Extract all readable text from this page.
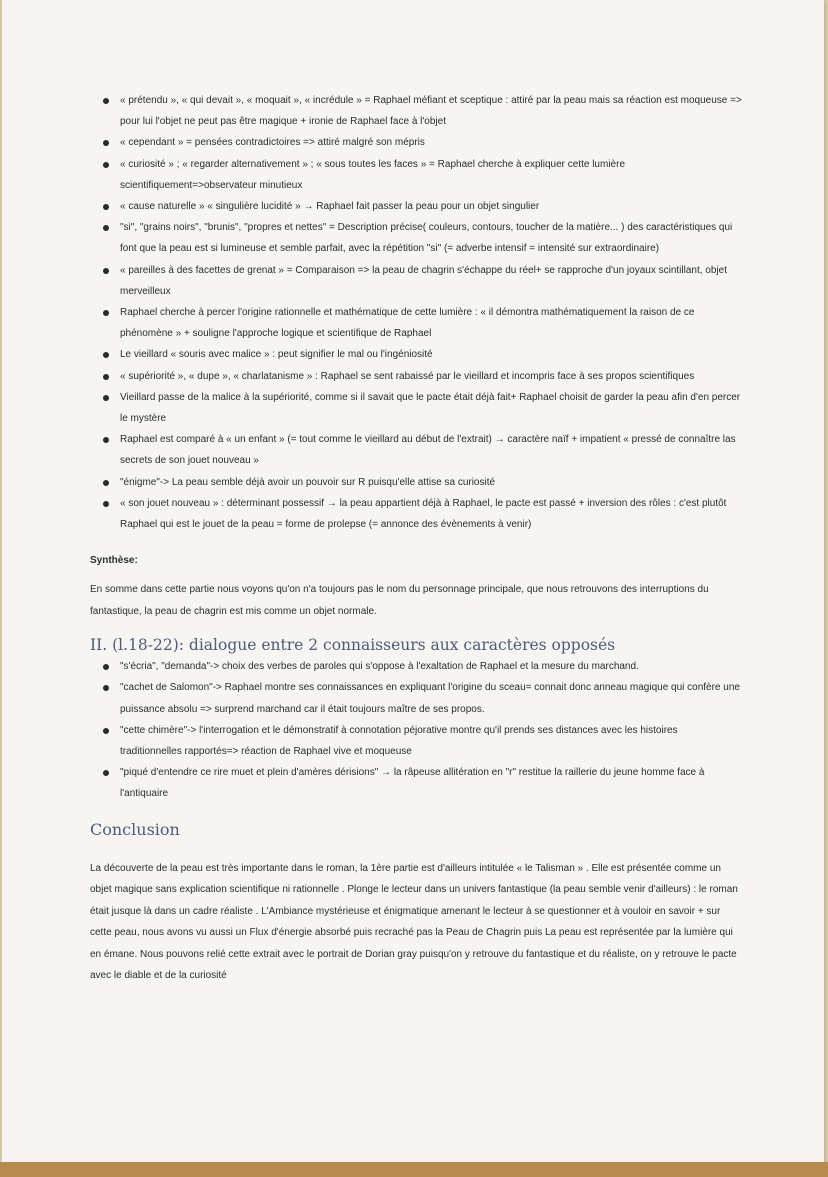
« prétendu », « qui devait », « moquait », « incrédule » = Raphael méfiant et sceptique : attiré par la peau mais sa réaction est moqueuse => pour lui l'objet ne peut pas être magique + ironie de Raphael face à l'objet
« cependant » = pensées contradictoires => attiré malgré son mépris
« curiosité » ; « regarder alternativement » ; « sous toutes les faces » = Raphael cherche à expliquer cette lumière scientifiquement=>observateur minutieux
« cause naturelle » « singulière lucidité » → Raphael fait passer la peau pour un objet singulier
"si", "grains noirs", "brunis", "propres et nettes" = Description précise( couleurs, contours, toucher de la matière... ) des caractéristiques qui font que la peau est si lumineuse et semble parfait, avec la répétition "si" (= adverbe intensif = intensité sur extraordinaire)
« pareilles à des facettes de grenat » = Comparaison => la peau de chagrin s'échappe du réel+ se rapproche d'un joyaux scintillant, objet merveilleux
Raphael cherche à percer l'origine rationnelle et mathématique de cette lumière : « il démontra mathématiquement la raison de ce phénomène » + souligne l'approche logique et scientifique de Raphael
Le vieillard « souris avec malice » : peut signifier le mal ou l'ingéniosité
« supériorité », « dupe », « charlatanisme » : Raphael se sent rabaissé par le vieillard et incompris face à ses propos scientifiques
Vieillard passe de la malice à la supériorité, comme si il savait que le pacte était déjà fait+ Raphael choisit de garder la peau afin d'en percer le mystère
Raphael est comparé à « un enfant » (= tout comme le vieillard au début de l'extrait) → caractère naïf + impatient « pressé de connaître las secrets de son jouet nouveau »
"énigme"-> La peau semble déjà avoir un pouvoir sur R puisqu'elle attise sa curiosité
« son jouet nouveau » : déterminant possessif → la peau appartient déjà à Raphael, le pacte est passé + inversion des rôles : c'est plutôt Raphael qui est le jouet de la peau = forme de prolepse (= annonce des évènements à venir)
Synthèse:

En somme dans cette partie nous voyons qu'on n'a toujours pas le nom du personnage principale, que nous retrouvons des interruptions du fantastique, la peau de chagrin est mis comme un objet normale.

II. (l.18-22): dialogue entre 2 connaisseurs aux caractères opposés
"s'écria", "demanda"-> choix des verbes de paroles qui s'oppose à l'exaltation de Raphael et la mesure du marchand.
"cachet de Salomon"-> Raphael montre ses connaissances en expliquant l'origine du sceau= connait donc anneau magique qui confère une puissance absolu => surprend marchand car il était toujours maître de ses propos.
"cette chimère"-> l'interrogation et le démonstratif à connotation péjorative montre qu'il prends ses distances avec les histoires traditionnelles rapportés=> réaction de Raphael vive et moqueuse
"piqué d'entendre ce rire muet et plein d'amères dérisions" → la râpeuse allitération en "r" restitue la raillerie du jeune homme face à l'antiquaire
Conclusion

La découverte de la peau est très importante dans le roman, la 1ère partie est d'ailleurs intitulée « le Talisman » . Elle est présentée comme un objet magique sans explication scientifique ni rationnelle . Plonge le lecteur dans un univers fantastique (la peau semble venir d'ailleurs) : le roman était jusque là dans un cadre réaliste . L'Ambiance mystérieuse et énigmatique amenant le lecteur à se questionner et à vouloir en savoir + sur cette peau, nous avons vu aussi un Flux d'énergie absorbé puis recraché pas la Peau de Chagrin puis La peau est représentée par la lumière qui en émane. Nous pouvons relié cette extrait avec le portrait de Dorian gray puisqu'on y retrouve du fantastique et du réaliste, on y retrouve le pacte avec le diable et de la curiosité
